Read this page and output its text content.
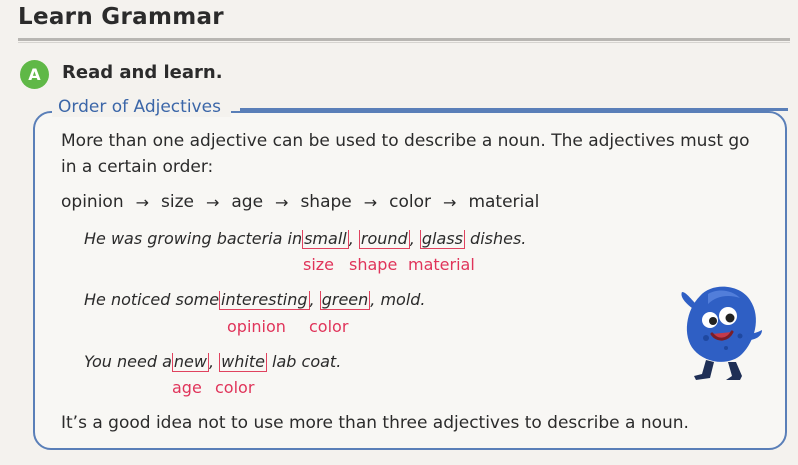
Learn Grammar
A	Read and learn.
Order of Adjectives
More than one adjective can be used to describe a noun. The adjectives must go
in a certain order:
opinion → size → age → shape → color → material
He was growing bacteria in small , round , glass dishes.
size shape material
He noticed some interesting , green , mold.
opinion color
You need a new , white lab coat.
age color
It’s a good idea not to use more than three adjectives to describe a noun.
